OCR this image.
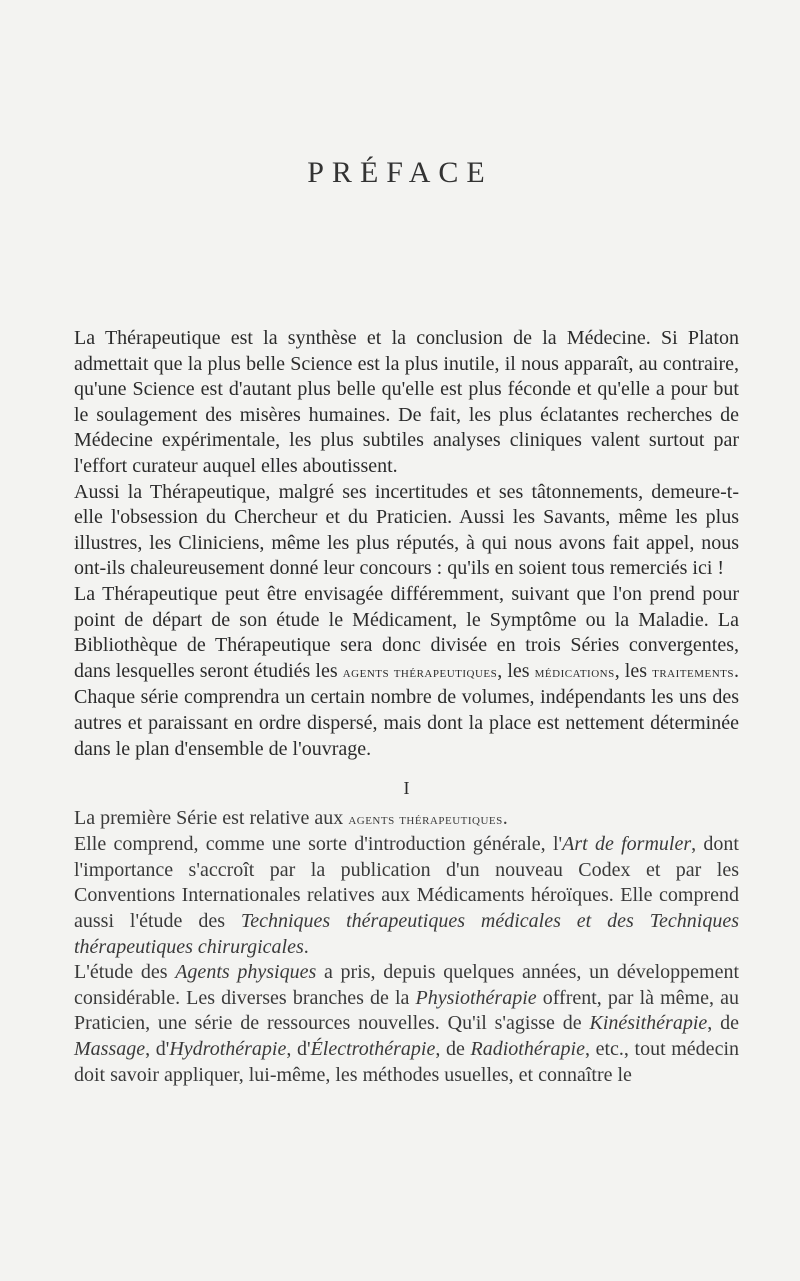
PRÉFACE

La Thérapeutique est la synthèse et la conclusion de la Médecine. Si Platon admettait que la plus belle Science est la plus inutile, il nous apparaît, au contraire, qu'une Science est d'autant plus belle qu'elle est plus féconde et qu'elle a pour but le soulagement des misères humaines. De fait, les plus éclatantes recherches de Médecine expérimentale, les plus subtiles analyses cliniques valent surtout par l'effort curateur auquel elles aboutissent.

Aussi la Thérapeutique, malgré ses incertitudes et ses tâtonnements, demeure-t-elle l'obsession du Chercheur et du Praticien. Aussi les Savants, même les plus illustres, les Cliniciens, même les plus réputés, à qui nous avons fait appel, nous ont-ils chaleureusement donné leur concours : qu'ils en soient tous remerciés ici !

La Thérapeutique peut être envisagée différemment, suivant que l'on prend pour point de départ de son étude le Médicament, le Symptôme ou la Maladie. La Bibliothèque de Thérapeutique sera donc divisée en trois Séries convergentes, dans lesquelles seront étudiés les agents thérapeutiques, les médications, les traitements. Chaque série comprendra un certain nombre de volumes, indépendants les uns des autres et paraissant en ordre dispersé, mais dont la place est nettement déterminée dans le plan d'ensemble de l'ouvrage.

I

La première Série est relative aux agents thérapeutiques.

Elle comprend, comme une sorte d'introduction générale, l'Art de formuler, dont l'importance s'accroît par la publication d'un nouveau Codex et par les Conventions Internationales relatives aux Médicaments héroïques. Elle comprend aussi l'étude des Techniques thérapeutiques médicales et des Techniques thérapeutiques chirurgicales.

L'étude des Agents physiques a pris, depuis quelques années, un développement considérable. Les diverses branches de la Physiothérapie offrent, par là même, au Praticien, une série de ressources nouvelles. Qu'il s'agisse de Kinésithérapie, de Massage, d'Hydrothérapie, d'Électrothérapie, de Radiothérapie, etc., tout médecin doit savoir appliquer, lui-même, les méthodes usuelles, et connaître le
